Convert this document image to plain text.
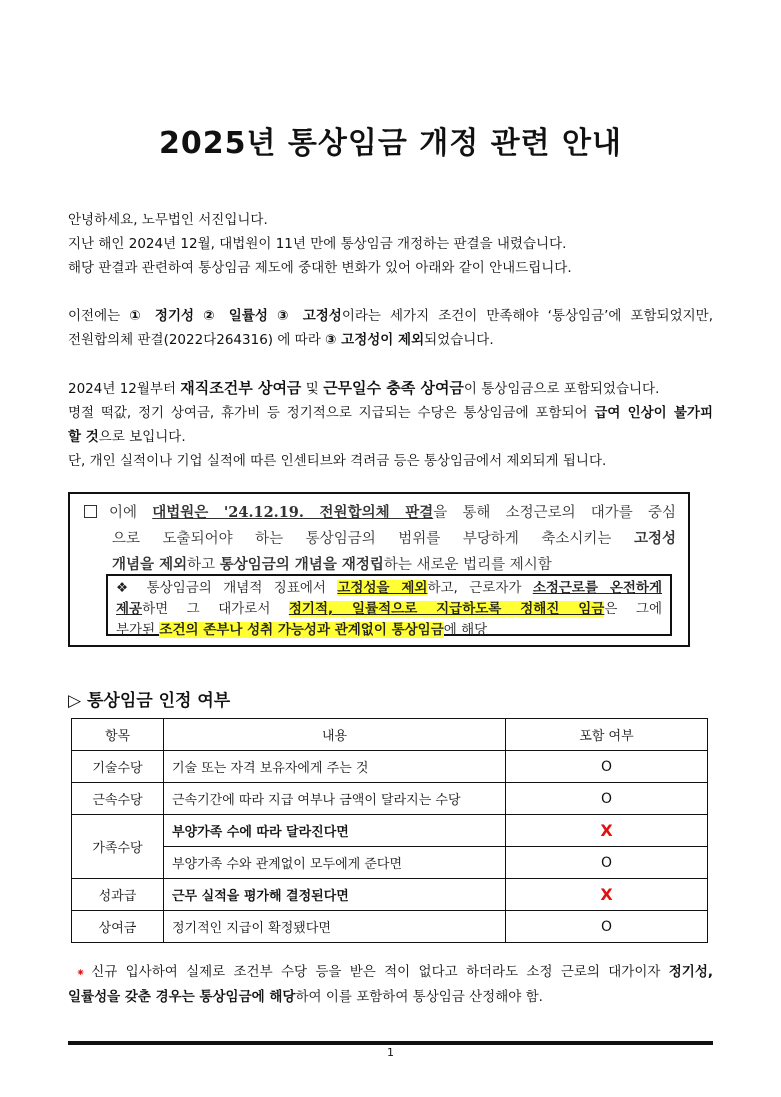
2025년 통상임금 개정 관련 안내

안녕하세요, 노무법인 서진입니다.

지난 해인 2024년 12월, 대법원이 11년 만에 통상임금 개정하는 판결을 내렸습니다.

해당 판결과 관련하여 통상임금 제도에 중대한 변화가 있어 아래와 같이 안내드립니다.

이전에는 ① 정기성 ② 일률성 ③ 고정성이라는 세가지 조건이 만족해야 ‘통상임금’에 포함되었지만,

전원합의체 판결(2022다264316) 에 따라 ③ 고정성이 제외되었습니다.

2024년 12월부터 재직조건부 상여금 및 근무일수 충족 상여금이 통상임금으로 포함되었습니다.

명절 떡값, 정기 상여금, 휴가비 등 정기적으로 지급되는 수당은 통상임금에 포함되어 급여 인상이 불가피

할 것으로 보입니다.

단, 개인 실적이나 기업 실적에 따른 인센티브와 격려금 등은 통상임금에서 제외되게 됩니다.

이에 대법원은 '24.12.19. 전원합의체 판결을 통해 소정근로의 대가를 중심
으로 도출되어야 하는 통상임금의 범위를 부당하게 축소시키는 고정성
개념을 제외하고 통상임금의 개념을 재정립하는 새로운 법리를 제시함

❖ 통상임금의 개념적 징표에서 고정성을 제외하고, 근로자가 소정근로를 온전하게

제공하면 그 대가로서 정기적, 일률적으로 지급하도록 정해진 임금은 그에

부가된 조건의 존부나 성취 가능성과 관계없이 통상임금에 해당

▷ 통상임금 인정 여부
항목	내용	포함 여부
기술수당	기술 또는 자격 보유자에게 주는 것	O
근속수당	근속기간에 따라 지급 여부나 금액이 달라지는 수당	O
가족수당	부양가족 수에 따라 달라진다면	X
	부양가족 수와 관계없이 모두에게 준다면	O
성과급	근무 실적을 평가해 결정된다면	X
상여금	정기적인 지급이 확정됐다면	O

⁕ 신규 입사하여 실제로 조건부 수당 등을 받은 적이 없다고 하더라도 소정 근로의 대가이자 정기성,

일률성을 갖춘 경우는 통상임금에 해당하여 이를 포함하여 통상임금 산정해야 함.

1
